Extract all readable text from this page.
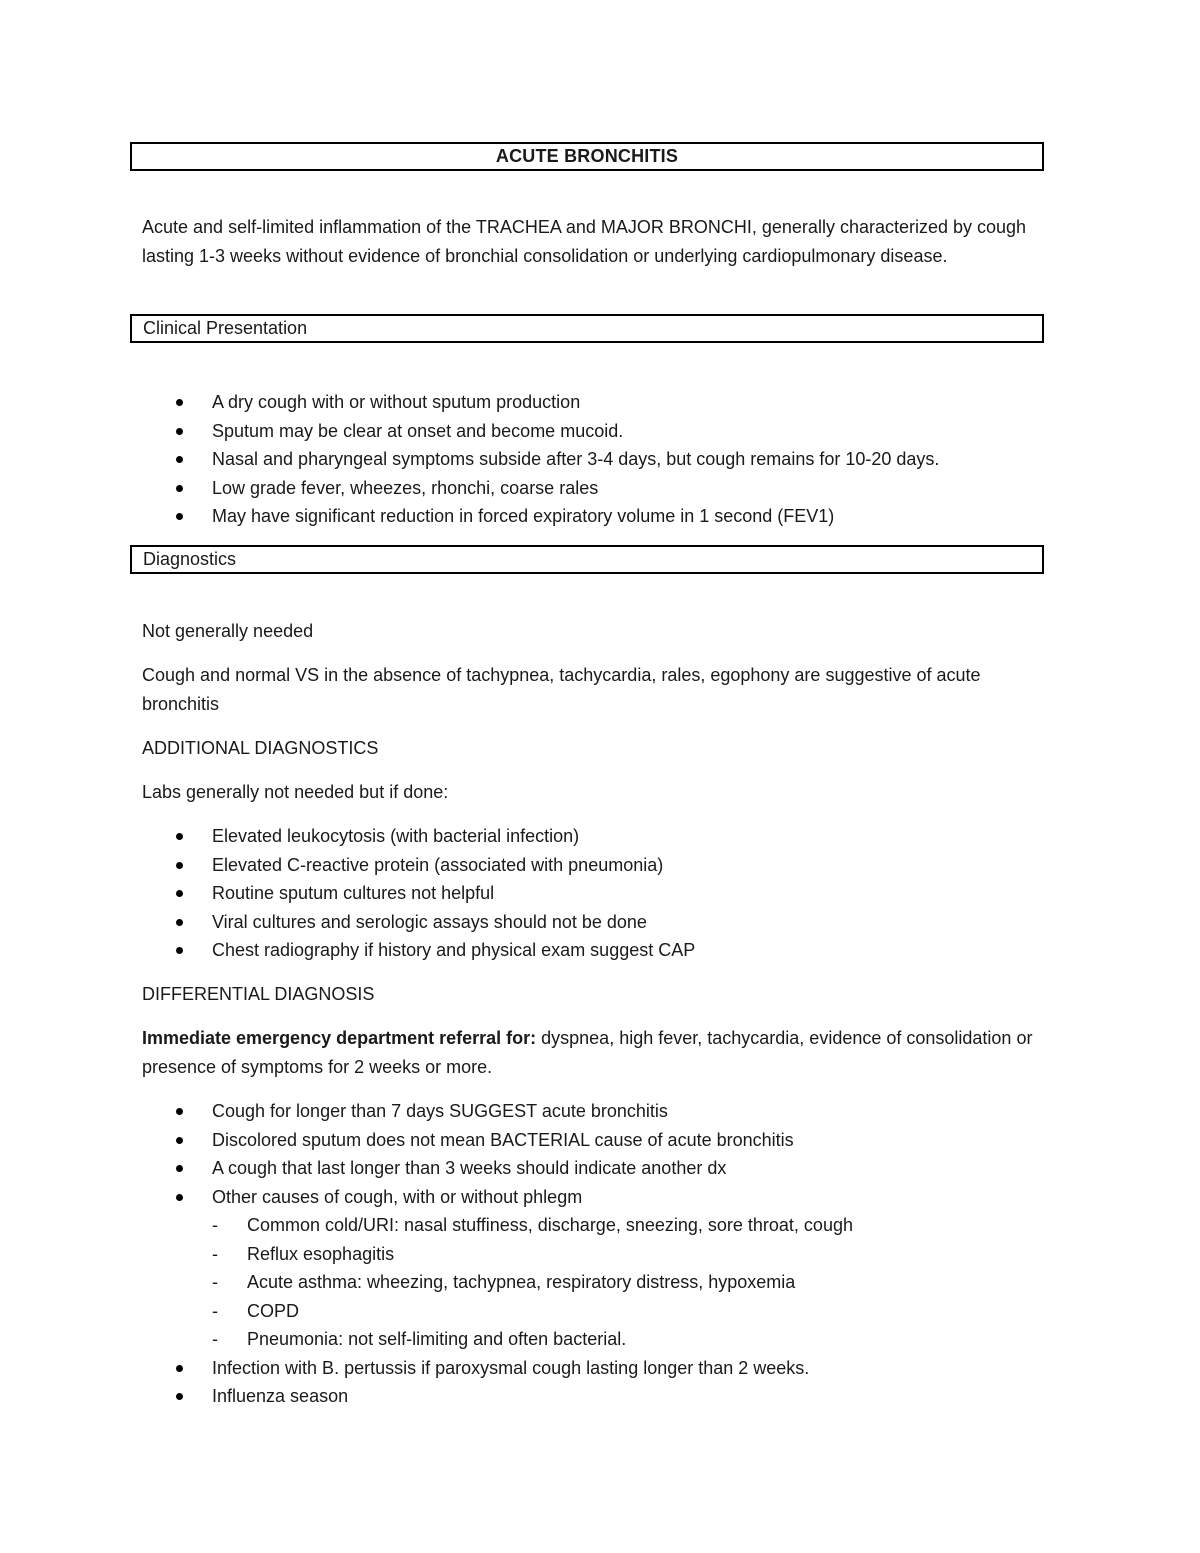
ACUTE BRONCHITIS

Acute and self-limited inflammation of the TRACHEA and MAJOR BRONCHI, generally characterized by cough lasting 1-3 weeks without evidence of bronchial consolidation or underlying cardiopulmonary disease.

Clinical Presentation
A dry cough with or without sputum production
Sputum may be clear at onset and become mucoid.
Nasal and pharyngeal symptoms subside after 3-4 days, but cough remains for 10-20 days.
Low grade fever, wheezes, rhonchi, coarse rales
May have significant reduction in forced expiratory volume in 1 second (FEV1)
Diagnostics

Not generally needed

Cough and normal VS in the absence of tachypnea, tachycardia, rales, egophony are suggestive of acute bronchitis

ADDITIONAL DIAGNOSTICS

Labs generally not needed but if done:

Elevated leukocytosis (with bacterial infection)
Elevated C-reactive protein (associated with pneumonia)
Routine sputum cultures not helpful
Viral cultures and serologic assays should not be done
Chest radiography if history and physical exam suggest CAP

DIFFERENTIAL DIAGNOSIS

Immediate emergency department referral for: dyspnea, high fever, tachycardia, evidence of consolidation or presence of symptoms for 2 weeks or more.

Cough for longer than 7 days SUGGEST acute bronchitis
Discolored sputum does not mean BACTERIAL cause of acute bronchitis
A cough that last longer than 3 weeks should indicate another dx
Other causes of cough, with or without phlegm
- Common cold/URI: nasal stuffiness, discharge, sneezing, sore throat, cough
- Reflux esophagitis
- Acute asthma: wheezing, tachypnea, respiratory distress, hypoxemia
- COPD
- Pneumonia: not self-limiting and often bacterial.
Infection with B. pertussis if paroxysmal cough lasting longer than 2 weeks.
Influenza season
